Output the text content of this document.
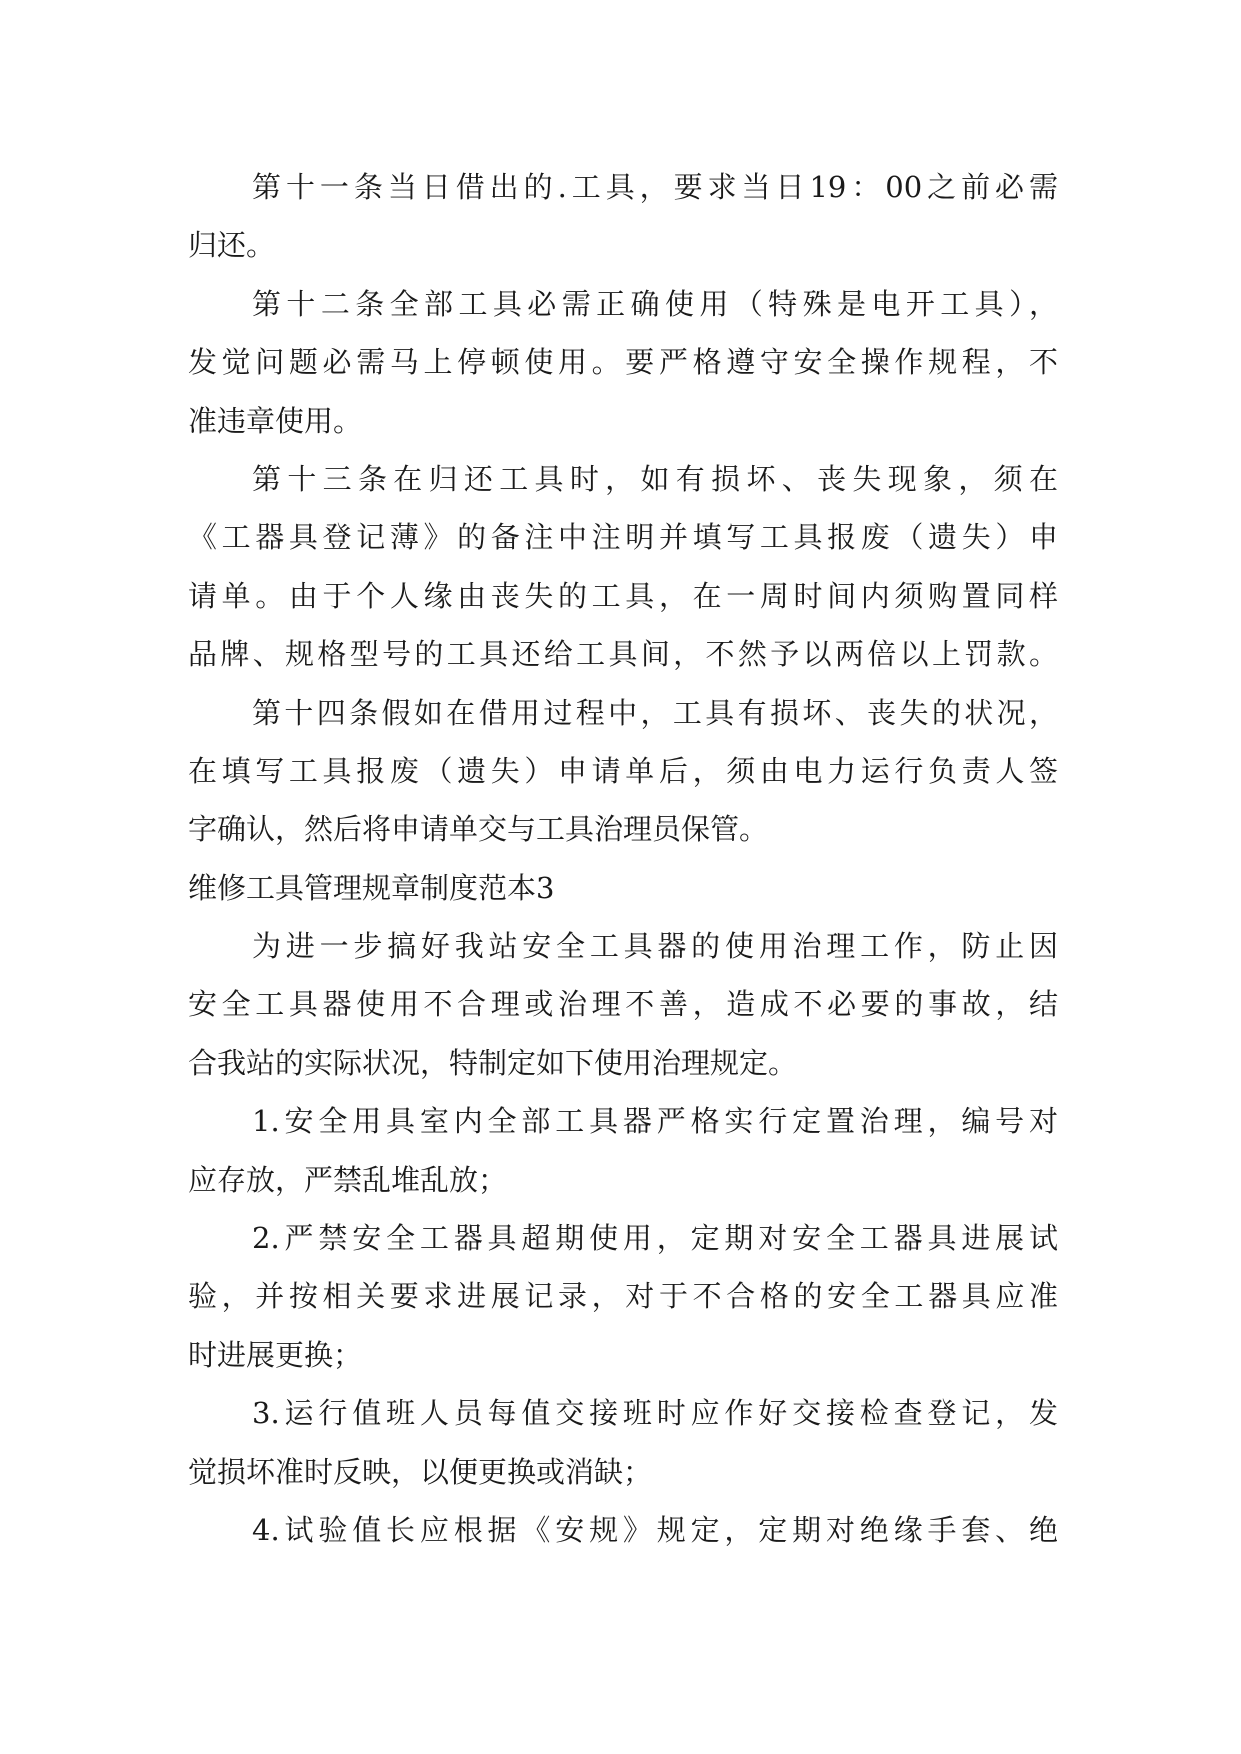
第十一条当日借出的.工具，要求当日19：00之前必需
归还。
第十二条全部工具必需正确使用（特殊是电开工具），
发觉问题必需马上停顿使用。要严格遵守安全操作规程，不
准违章使用。
第十三条在归还工具时，如有损坏、丧失现象，须在
《工器具登记薄》的备注中注明并填写工具报废（遗失）申
请单。由于个人缘由丧失的工具，在一周时间内须购置同样
品牌、规格型号的工具还给工具间，不然予以两倍以上罚款。
第十四条假如在借用过程中，工具有损坏、丧失的状况，
在填写工具报废（遗失）申请单后，须由电力运行负责人签
字确认，然后将申请单交与工具治理员保管。
维修工具管理规章制度范本3
为进一步搞好我站安全工具器的使用治理工作，防止因
安全工具器使用不合理或治理不善，造成不必要的事故，结
合我站的实际状况，特制定如下使用治理规定。
1.安全用具室内全部工具器严格实行定置治理，编号对
应存放，严禁乱堆乱放；
2.严禁安全工器具超期使用，定期对安全工器具进展试
验，并按相关要求进展记录，对于不合格的安全工器具应准
时进展更换；
3.运行值班人员每值交接班时应作好交接检查登记，发
觉损坏准时反映，以便更换或消缺；
4.试验值长应根据《安规》规定，定期对绝缘手套、绝
